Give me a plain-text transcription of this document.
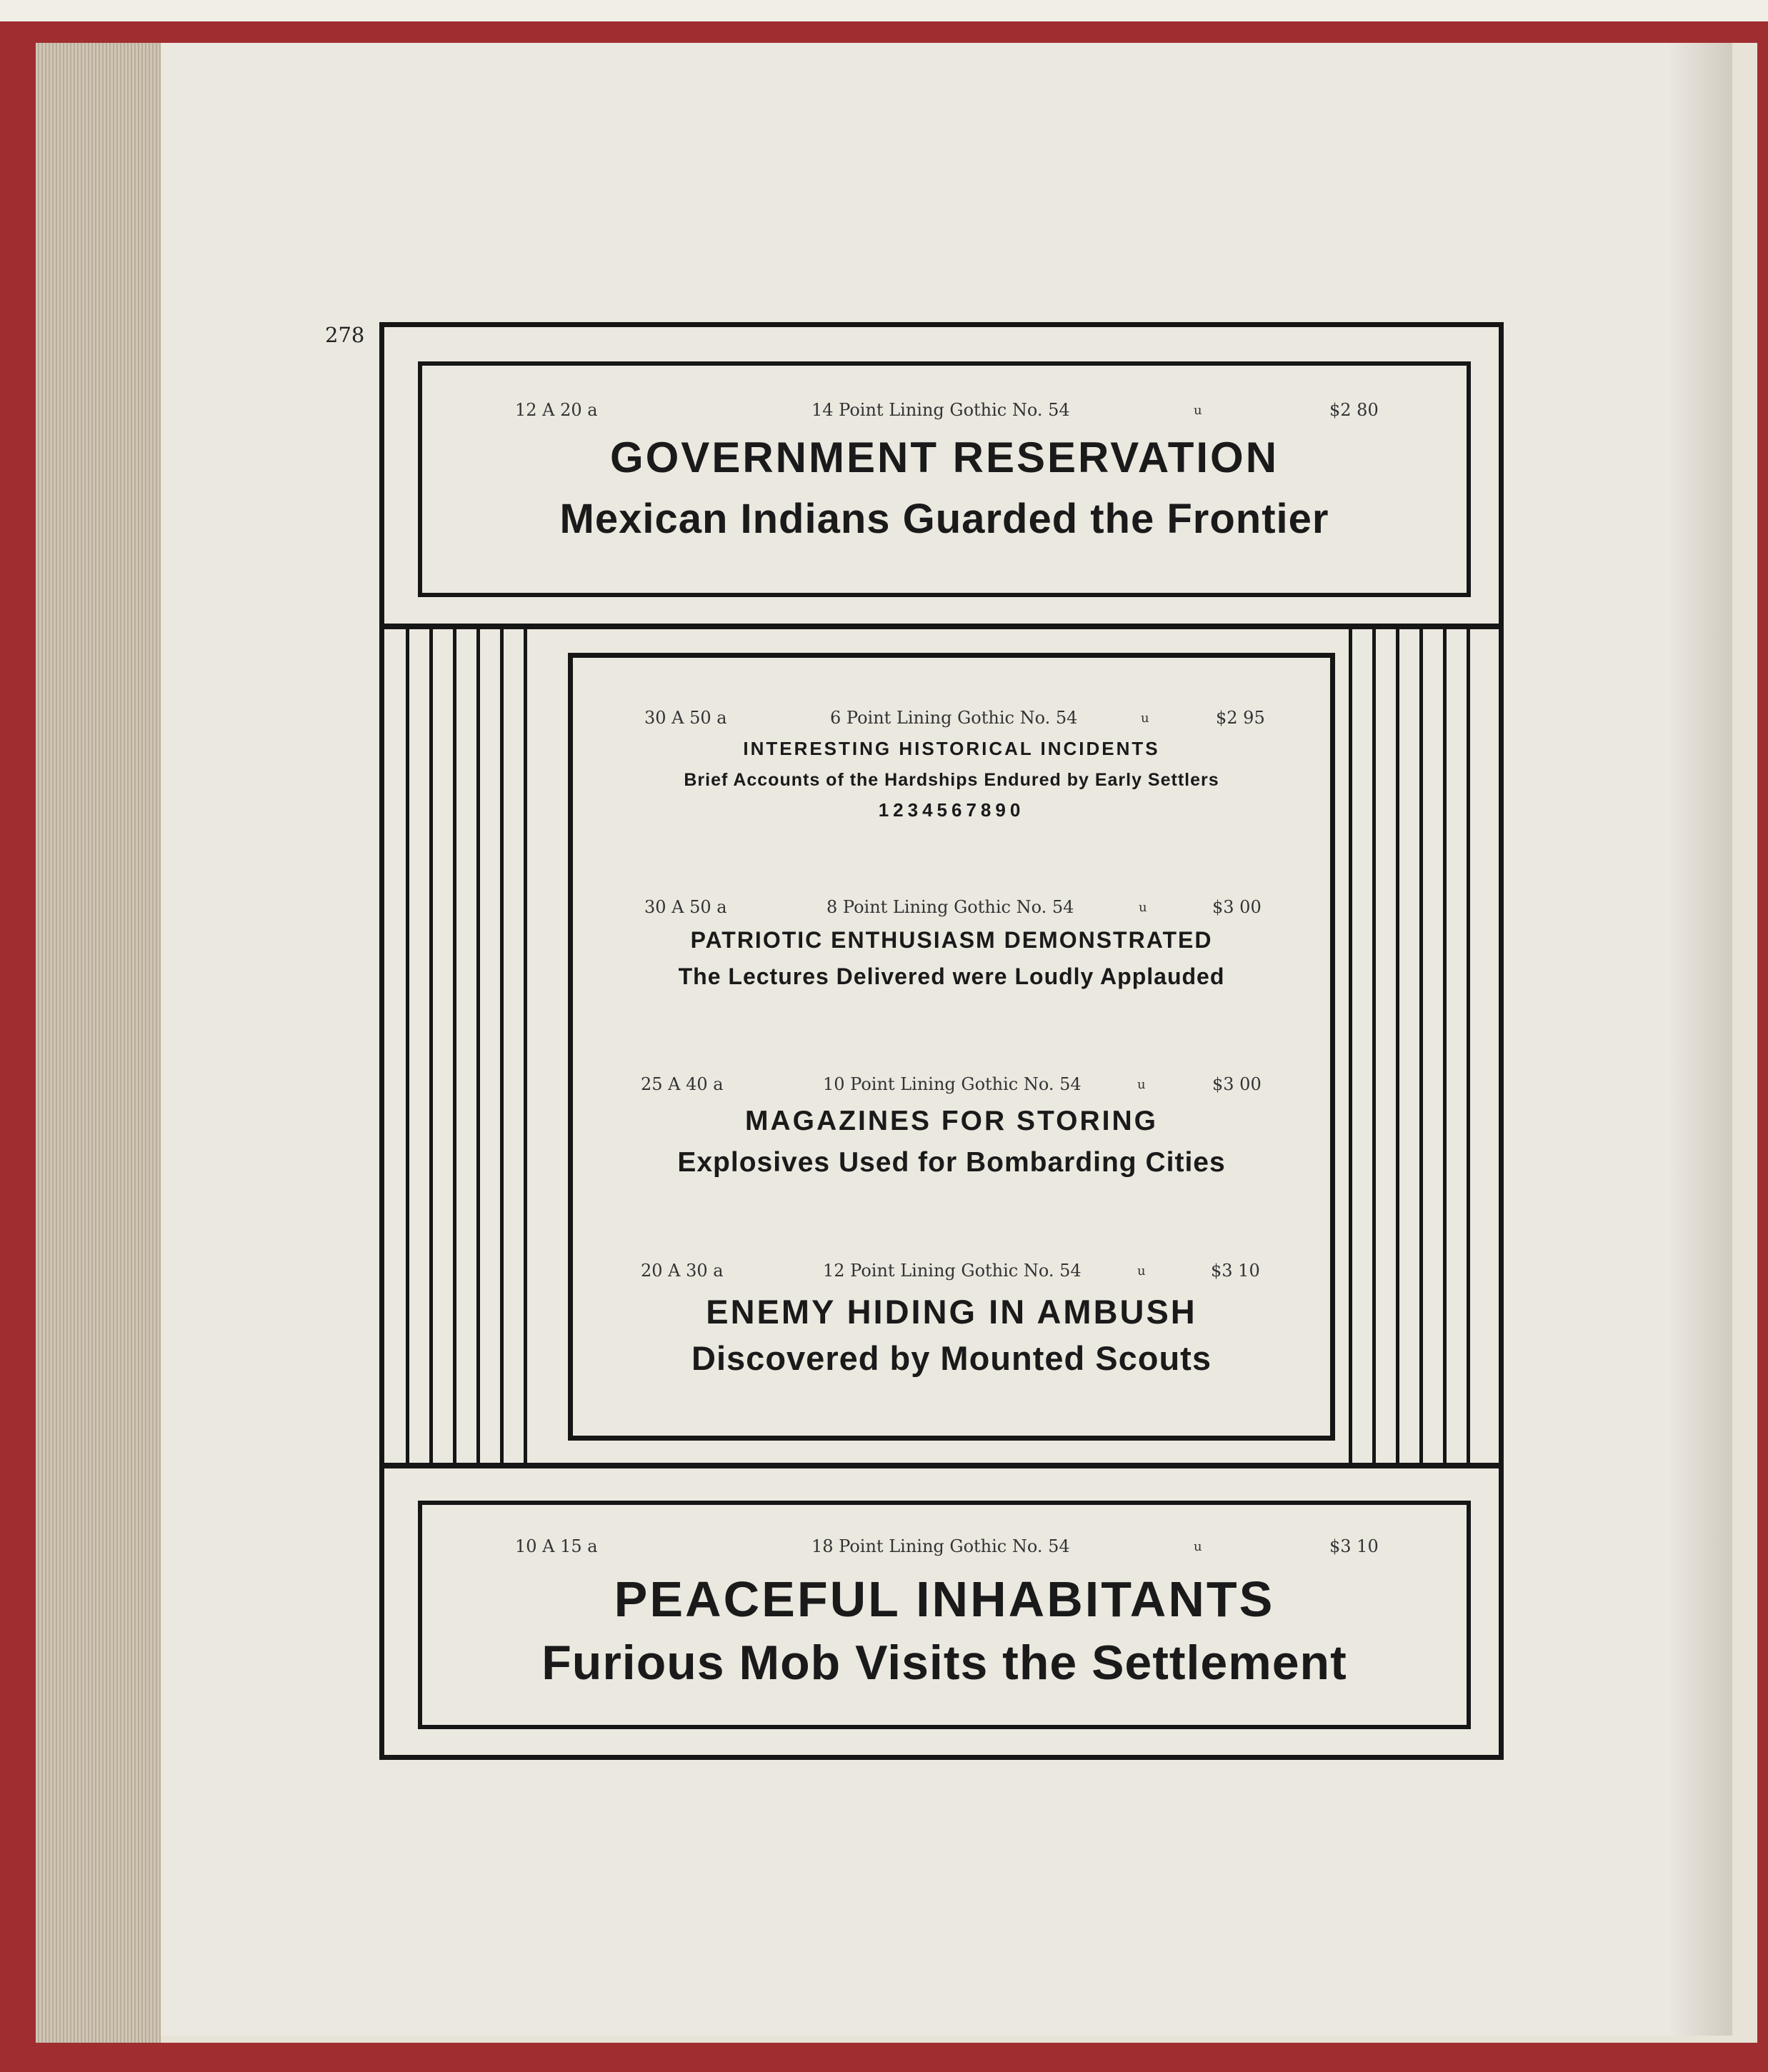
278
12 A 20 a	14 Point Lining Gothic No. 54	u	$2 80
GOVERNMENT RESERVATION
Mexican Indians Guarded the Frontier
30 A 50 a	6 Point Lining Gothic No. 54	u	$2 95
INTERESTING HISTORICAL INCIDENTS
Brief Accounts of the Hardships Endured by Early Settlers
1234567890
30 A 50 a	8 Point Lining Gothic No. 54	u	$3 00
PATRIOTIC ENTHUSIASM DEMONSTRATED
The Lectures Delivered were Loudly Applauded
25 A 40 a	10 Point Lining Gothic No. 54	u	$3 00
MAGAZINES FOR STORING
Explosives Used for Bombarding Cities
20 A 30 a	12 Point Lining Gothic No. 54	u	$3 10
ENEMY HIDING IN AMBUSH
Discovered by Mounted Scouts
10 A 15 a	18 Point Lining Gothic No. 54	u	$3 10
PEACEFUL INHABITANTS
Furious Mob Visits the Settlement
